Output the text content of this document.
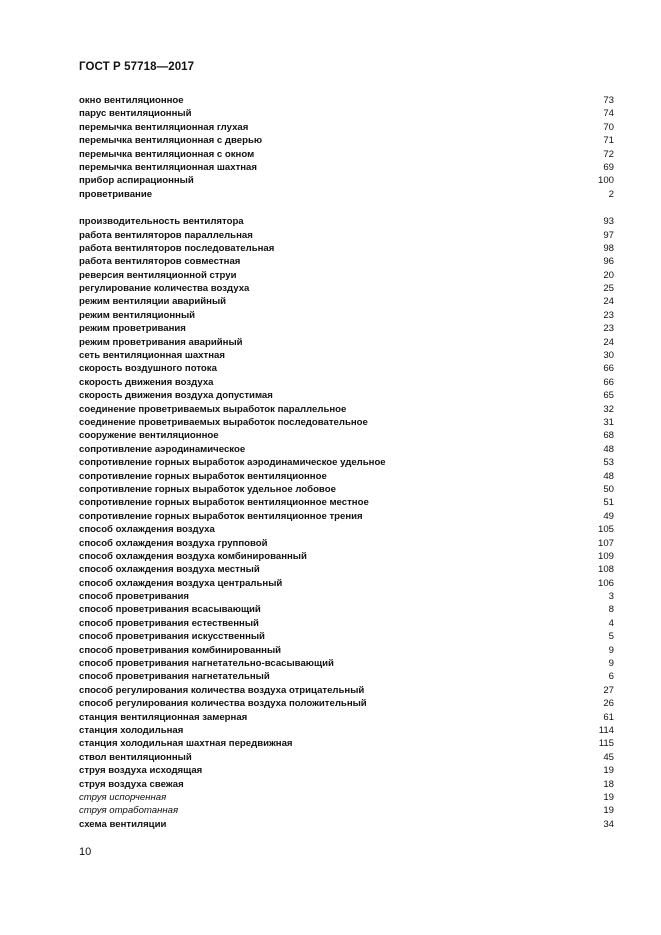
ГОСТ Р 57718—2017
окно вентиляционное	73
парус вентиляционный	74
перемычка вентиляционная глухая	70
перемычка вентиляционная с дверью	71
перемычка вентиляционная с окном	72
перемычка вентиляционная шахтная	69
прибор аспирационный	100
проветривание	2
производительность вентилятора	93
работа вентиляторов параллельная	97
работа вентиляторов последовательная	98
работа вентиляторов совместная	96
реверсия вентиляционной струи	20
регулирование количества воздуха	25
режим вентиляции аварийный	24
режим вентиляционный	23
режим проветривания	23
режим проветривания аварийный	24
сеть вентиляционная шахтная	30
скорость воздушного потока	66
скорость движения воздуха	66
скорость движения воздуха допустимая	65
соединение проветриваемых выработок параллельное	32
соединение проветриваемых выработок последовательное	31
сооружение вентиляционное	68
сопротивление аэродинамическое	48
сопротивление горных выработок аэродинамическое удельное	53
сопротивление горных выработок вентиляционное	48
сопротивление горных выработок удельное лобовое	50
сопротивление горных выработок вентиляционное местное	51
сопротивление горных выработок вентиляционное трения	49
способ охлаждения воздуха	105
способ охлаждения воздуха групповой	107
способ охлаждения воздуха комбинированный	109
способ охлаждения воздуха местный	108
способ охлаждения воздуха центральный	106
способ проветривания	3
способ проветривания всасывающий	8
способ проветривания естественный	4
способ проветривания искусственный	5
способ проветривания комбинированный	9
способ проветривания нагнетательно-всасывающий	9
способ проветривания нагнетательный	6
способ регулирования количества воздуха отрицательный	27
способ регулирования количества воздуха положительный	26
станция вентиляционная замерная	61
станция холодильная	114
станция холодильная шахтная передвижная	115
ствол вентиляционный	45
струя воздуха исходящая	19
струя воздуха свежая	18
струя испорченная	19
струя отработанная	19
схема вентиляции	34
10
